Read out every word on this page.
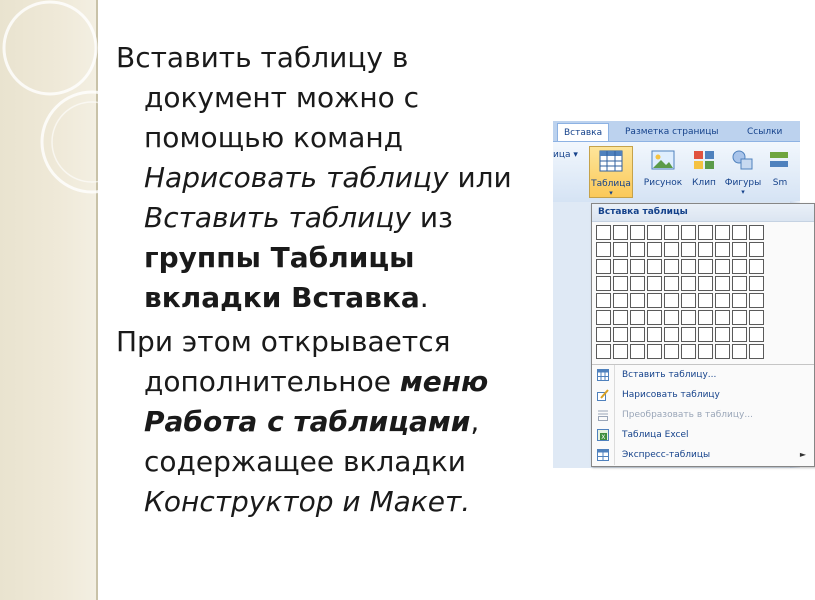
Вставить таблицу в документ можно с помощью команд Нарисовать таблицу или Вставить таблицу из группы Таблицы вкладки Вставка.

При этом открывается дополнительное меню Работа с таблицами, содержащее вкладки Конструктор и Макет.

Вставка	Разметка страницы	Ссылки
ица ▾
Таблица
▾
Рисунок	Клип Фигуры
▾
Sm
Вставка таблицы
Вставить таблицу...
Нарисовать таблицу
Преобразовать в таблицу...
X Таблица Excel
Экспресс-таблицы	►
